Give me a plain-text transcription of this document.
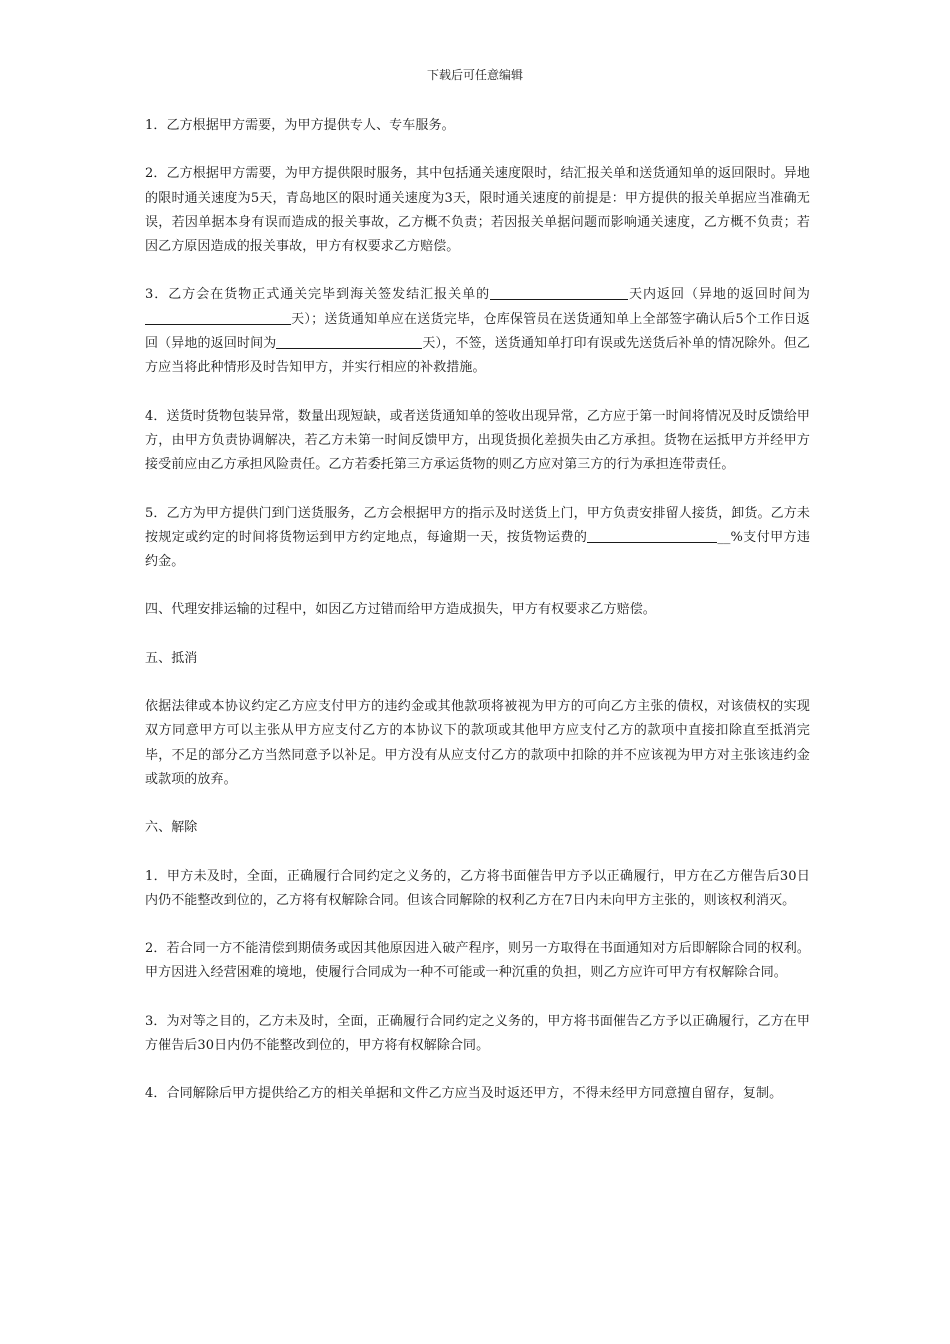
下载后可任意编辑

1．乙方根据甲方需要，为甲方提供专人、专车服务。

2．乙方根据甲方需要，为甲方提供限时服务，其中包括通关速度限时，结汇报关单和送货通知单的返回限时。异地的限时通关速度为5天，青岛地区的限时通关速度为3天，限时通关速度的前提是：甲方提供的报关单据应当准确无误，若因单据本身有误而造成的报关事故，乙方概不负责；若因报关单据问题而影响通关速度，乙方概不负责；若因乙方原因造成的报关事故，甲方有权要求乙方赔偿。

3．乙方会在货物正式通关完毕到海关签发结汇报关单的	天内返回（异地的返回时间为天）；送货通知单应在送货完毕，仓库保管员在送货通知单上全部签字确认后5个工作日返回（异地的返回时间为	天），不签，送货通知单打印有误或先送货后补单的情况除外。但乙方应当将此种情形及时告知甲方，并实行相应的补救措施。

4．送货时货物包装异常，数量出现短缺，或者送货通知单的签收出现异常，乙方应于第一时间将情况及时反馈给甲方，由甲方负责协调解决，若乙方未第一时间反馈甲方，出现货损化差损失由乙方承担。货物在运抵甲方并经甲方接受前应由乙方承担风险责任。乙方若委托第三方承运货物的则乙方应对第三方的行为承担连带责任。

5．乙方为甲方提供门到门送货服务，乙方会根据甲方的指示及时送货上门，甲方负责安排留人接货，卸货。乙方未按规定或约定的时间将货物运到甲方约定地点，每逾期一天，按货物运费的	__%支付甲方违约金。

四、代理安排运输的过程中，如因乙方过错而给甲方造成损失，甲方有权要求乙方赔偿。

五、抵消

依据法律或本协议约定乙方应支付甲方的违约金或其他款项将被视为甲方的可向乙方主张的债权，对该债权的实现双方同意甲方可以主张从甲方应支付乙方的本协议下的款项或其他甲方应支付乙方的款项中直接扣除直至抵消完毕，不足的部分乙方当然同意予以补足。甲方没有从应支付乙方的款项中扣除的并不应该视为甲方对主张该违约金或款项的放弃。

六、解除

1．甲方未及时，全面，正确履行合同约定之义务的，乙方将书面催告甲方予以正确履行，甲方在乙方催告后30日内仍不能整改到位的，乙方将有权解除合同。但该合同解除的权利乙方在7日内未向甲方主张的，则该权利消灭。

2．若合同一方不能清偿到期债务或因其他原因进入破产程序，则另一方取得在书面通知对方后即解除合同的权利。甲方因进入经营困难的境地，使履行合同成为一种不可能或一种沉重的负担，则乙方应许可甲方有权解除合同。

3．为对等之目的，乙方未及时，全面，正确履行合同约定之义务的，甲方将书面催告乙方予以正确履行，乙方在甲方催告后30日内仍不能整改到位的，甲方将有权解除合同。

4．合同解除后甲方提供给乙方的相关单据和文件乙方应当及时返还甲方，不得未经甲方同意擅自留存，复制。
